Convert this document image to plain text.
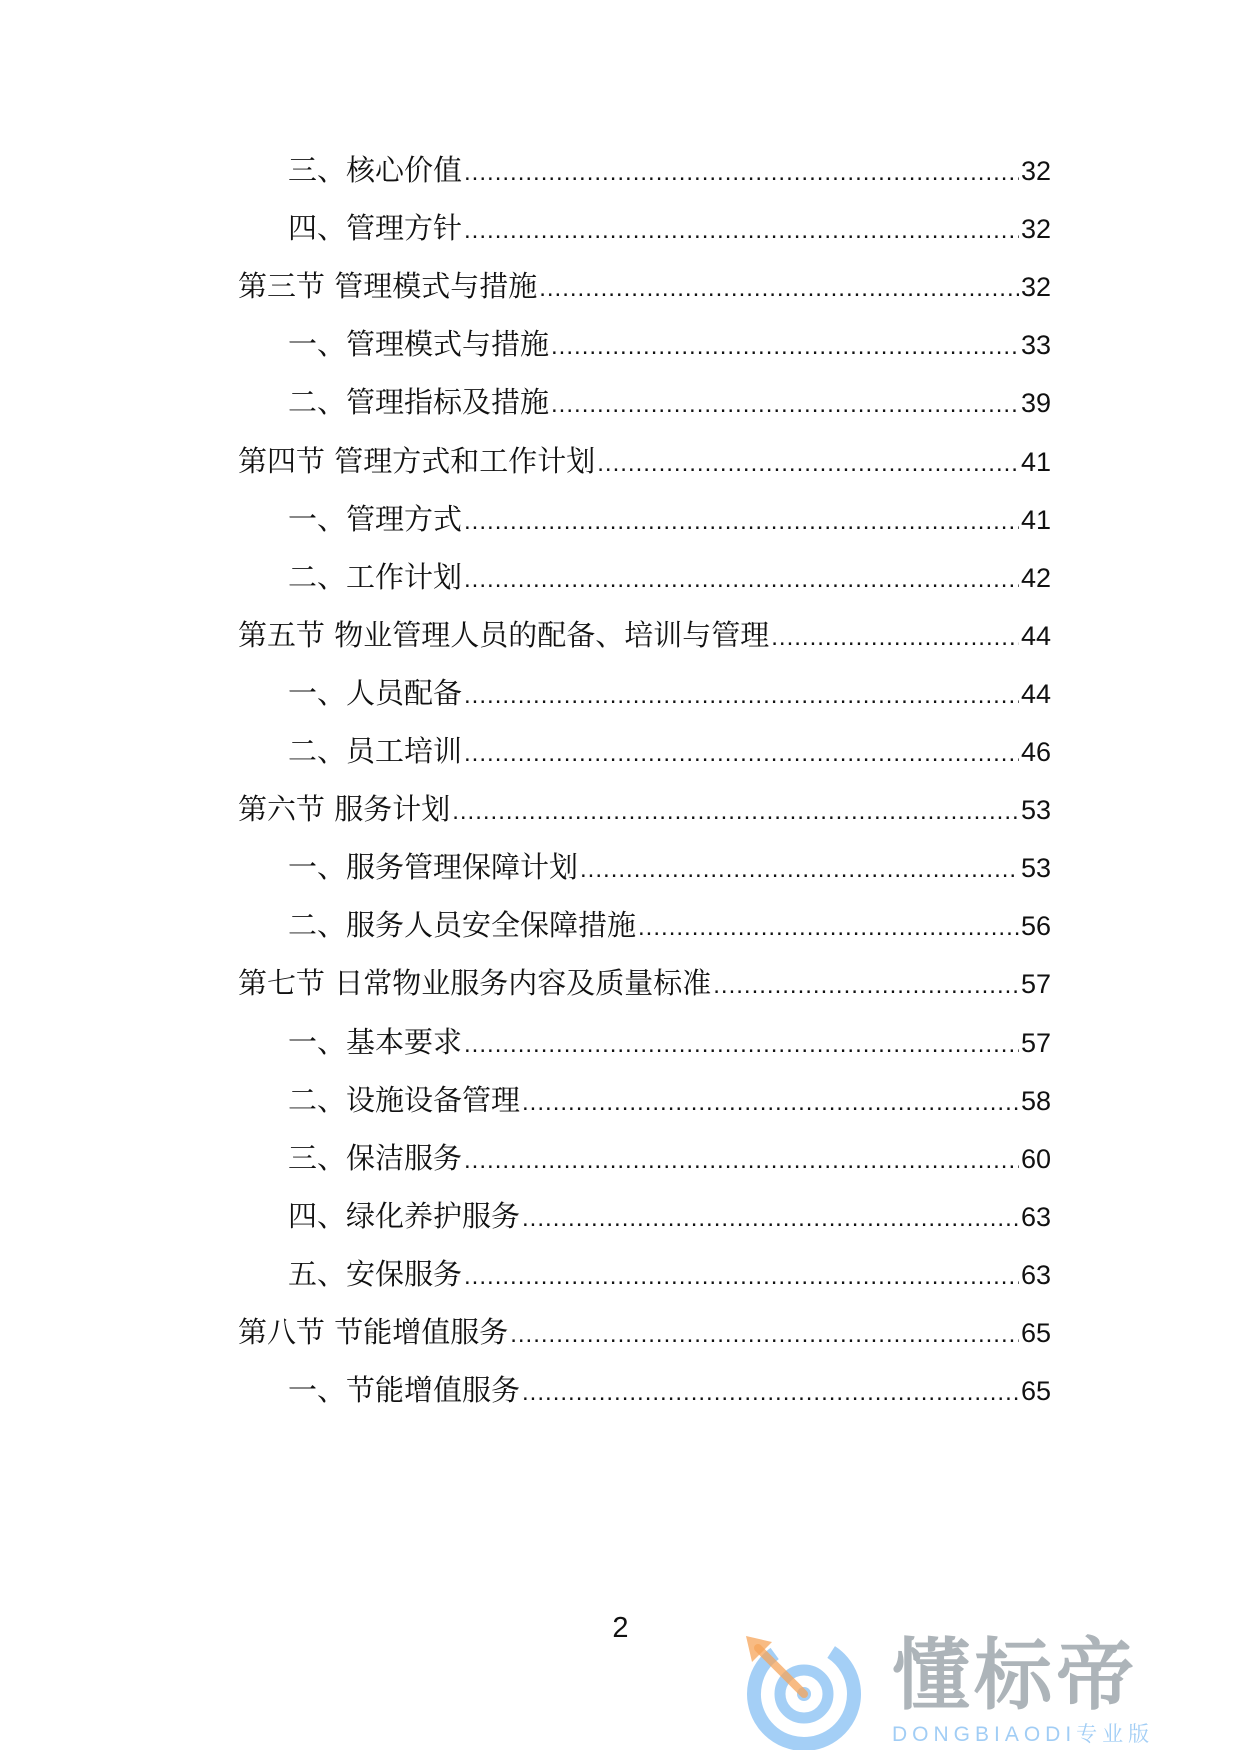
三、核心价值 .....	32
四、管理方针 .....	32
第三节 管理模式与措施 .....	32
一、管理模式与措施 .....	33
二、管理指标及措施 .....	39
第四节 管理方式和工作计划 .....	41
一、管理方式 .....	41
二、工作计划 .....	42
第五节 物业管理人员的配备、培训与管理 .....	44
一、人员配备 .....	44
二、员工培训 .....	46
第六节 服务计划 .....	53
一、服务管理保障计划 .....	53
二、服务人员安全保障措施 .....	56
第七节 日常物业服务内容及质量标准 .....	57
一、基本要求 .....	57
二、设施设备管理 .....	58
三、保洁服务 .....	60
四、绿化养护服务 .....	63
五、安保服务 .....	63
第八节 节能增值服务 .....	65
一、节能增值服务 .....	65
2
懂标帝
DONGBIAODI专业版
